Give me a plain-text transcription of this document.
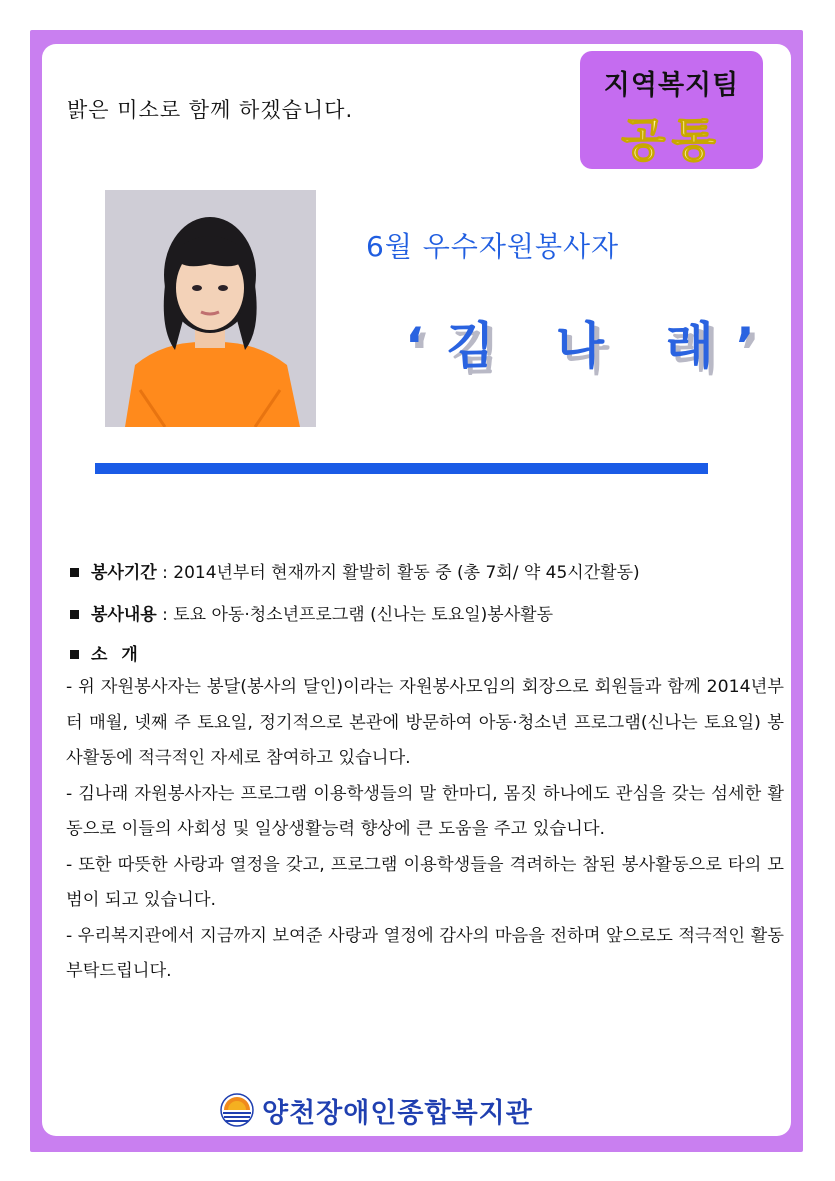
밝은 미소로 함께 하겠습니다.
지역복지팀
공통
6월 우수자원봉사자
‘김 나 래’
봉사기간 : 2014년부터 현재까지 활발히 활동 중 (총 7회/ 약 45시간활동)
봉사내용 : 토요 아동·청소년프로그램 (신나는 토요일)봉사활동
소 개

- 위 자원봉사자는 봉달(봉사의 달인)이라는 자원봉사모임의 회장으로 회원들과 함께 2014년부터 매월, 넷째 주 토요일, 정기적으로 본관에 방문하여 아동·청소년 프로그램(신나는 토요일) 봉사활동에 적극적인 자세로 참여하고 있습니다.

- 김나래 자원봉사자는 프로그램 이용학생들의 말 한마디, 몸짓 하나에도 관심을 갖는 섬세한 활동으로 이들의 사회성 및 일상생활능력 향상에 큰 도움을 주고 있습니다.

- 또한 따뜻한 사랑과 열정을 갖고, 프로그램 이용학생들을 격려하는 참된 봉사활동으로 타의 모범이 되고 있습니다.

- 우리복지관에서 지금까지 보여준 사랑과 열정에 감사의 마음을 전하며 앞으로도 적극적인 활동 부탁드립니다.

양천장애인종합복지관
